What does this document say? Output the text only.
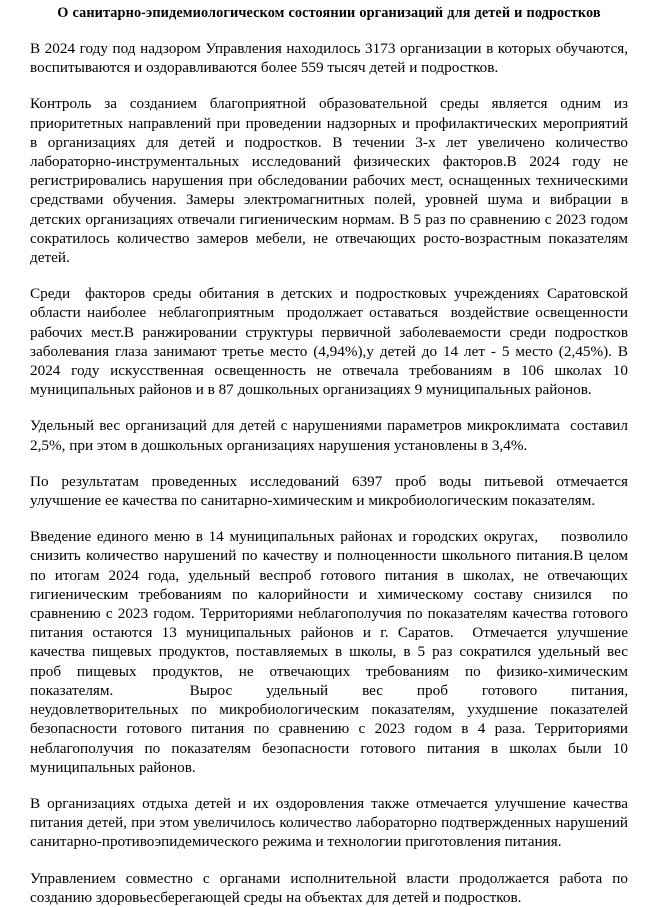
О санитарно-эпидемиологическом состоянии организаций для детей и подростков

В 2024 году под надзором Управления находилось 3173 организации в которых обучаются, воспитываются и оздоравливаются более 559 тысяч детей и подростков.

Контроль за созданием благоприятной образовательной среды является одним из приоритетных направлений при проведении надзорных и профилактических мероприятий в организациях для детей и подростков. В течении 3-х лет увеличено количество лабораторно-инструментальных исследований физических факторов.В 2024 году не регистрировались нарушения при обследовании рабочих мест, оснащенных техническими средствами обучения. Замеры электромагнитных полей, уровней шума и вибрации в детских организациях отвечали гигиеническим нормам. В 5 раз по сравнению с 2023 годом сократилось количество замеров мебели, не отвечающих росто-возрастным показателям детей.

Среди  факторов среды обитания в детских и подростковых учреждениях Саратовской области наиболее  неблагоприятным  продолжает оставаться  воздействие освещенности рабочих мест.В ранжировании структуры первичной заболеваемости среди подростков заболевания глаза занимают третье место (4,94%),у детей до 14 лет - 5 место (2,45%). В 2024 году искусственная освещенность не отвечала требованиям в 106 школах 10 муниципальных районов и в 87 дошкольных организациях 9 муниципальных районов.

Удельный вес организаций для детей с нарушениями параметров микроклимата  составил 2,5%, при этом в дошкольных организациях нарушения установлены в 3,4%.

По результатам проведенных исследований 6397 проб воды питьевой отмечается улучшение ее качества по санитарно-химическим и микробиологическим показателям.

Введение единого меню в 14 муниципальных районах и городских округах,    позволило снизить количество нарушений по качеству и полноценности школьного питания.В целом по итогам 2024 года, удельный веспроб готового питания в школах, не отвечающих гигиеническим требованиям по калорийности и химическому составу снизился  по сравнению с 2023 годом. Территориями неблагополучия по показателям качества готового питания остаются 13 муниципальных районов и г. Саратов.  Отмечается улучшение качества пищевых продуктов, поставляемых в школы, в 5 раз сократился удельный вес проб пищевых продуктов, не отвечающих требованиям по физико-химическим    показателям.         Вырос    удельный    вес    проб    готового    питания, неудовлетворительных  по  микробиологическим  показателям,  ухудшение  показателей безопасности готового питания по сравнению с 2023 годом в 4 раза. Территориями неблагополучия по показателям безопасности готового питания в школах были 10 муниципальных районов.

В организациях отдыха детей и их оздоровления также отмечается улучшение качества питания детей, при этом увеличилось количество лабораторно подтвержденных нарушений санитарно-противоэпидемического режима и технологии приготовления питания.

Управлением совместно с органами исполнительной власти продолжается работа по созданию здоровьесберегающей среды на объектах для детей и подростков.
